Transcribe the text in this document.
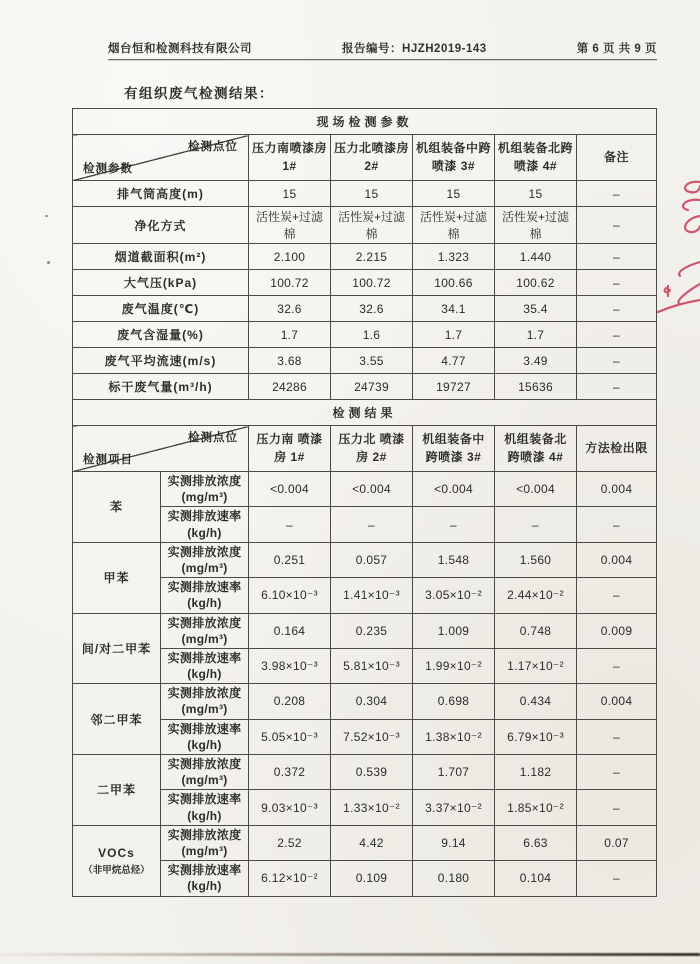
烟台恒和检测科技有限公司	报告编号：HJZH2019-143	第 6 页 共 9 页
有组织废气检测结果：
现场检测参数						

检测点位
检测参数		压力南喷漆房 1#	压力北喷漆房 2#	机组装备中跨喷漆 3#	机组装备北跨喷漆 4#	备注
排气筒高度(m)		15	15	15	15	–
净化方式		活性炭+过滤棉	活性炭+过滤棉	活性炭+过滤棉	活性炭+过滤棉	–
烟道截面积(m²)		2.100	2.215	1.323	1.440	–
大气压(kPa)		100.72	100.72	100.66	100.62	–
废气温度(℃)		32.6	32.6	34.1	35.4	–
废气含湿量(%)		1.7	1.6	1.7	1.7	–
废气平均流速(m/s)		3.68	3.55	4.77	3.49	–
标干废气量(m³/h)		24286	24739	19727	15636	–
检测结果						

检测点位
检测项目		压力南 喷漆房 1#	压力北 喷漆房 2#	机组装备中 跨喷漆 3#	机组装备北 跨喷漆 4#	方法检出限

苯	实测排放浓度 (mg/m³)	<0.004	<0.004	<0.004	<0.004	0.004
	实测排放速率 (kg/h)	–	–	–	–	–

甲苯	实测排放浓度 (mg/m³)	0.251	0.057	1.548	1.560	0.004
	实测排放速率 (kg/h)	6.10×10⁻³	1.41×10⁻³	3.05×10⁻²	2.44×10⁻²	–

间/对二甲苯	实测排放浓度 (mg/m³)	0.164	0.235	1.009	0.748	0.009
	实测排放速率 (kg/h)	3.98×10⁻³	5.81×10⁻³	1.99×10⁻²	1.17×10⁻²	–

邻二甲苯	实测排放浓度 (mg/m³)	0.208	0.304	0.698	0.434	0.004
	实测排放速率 (kg/h)	5.05×10⁻³	7.52×10⁻³	1.38×10⁻²	6.79×10⁻³	–

二甲苯	实测排放浓度 (mg/m³)	0.372	0.539	1.707	1.182	–
	实测排放速率 (kg/h)	9.03×10⁻³	1.33×10⁻²	3.37×10⁻²	1.85×10⁻²	–

VOCs
（非甲烷总烃）	实测排放浓度 (mg/m³)	2.52	4.42	9.14	6.63	0.07
	实测排放速率 (kg/h)	6.12×10⁻²	0.109	0.180	0.104	–
